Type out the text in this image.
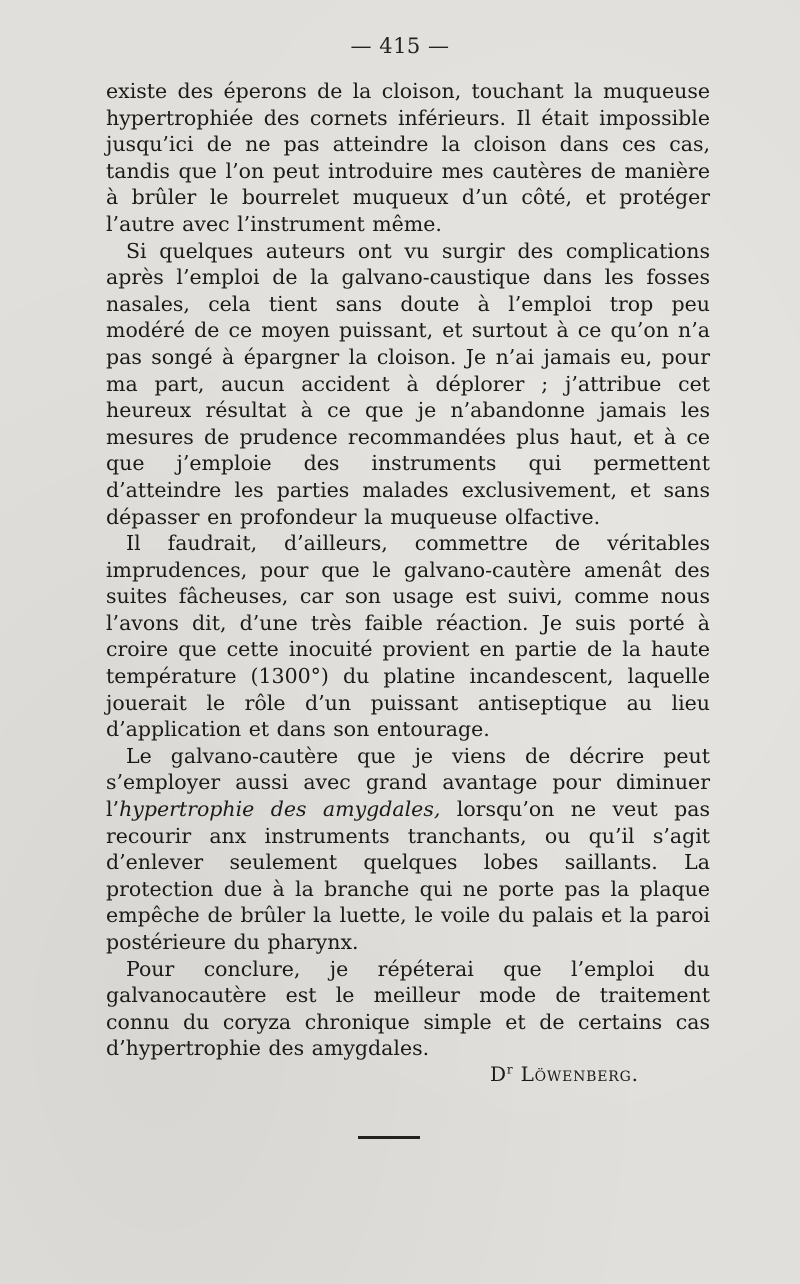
— 415 —

existe des éperons de la cloison, touchant la muqueuse hypertrophiée des cornets inférieurs. Il était impossible jusqu’ici de ne pas atteindre la cloison dans ces cas, tandis que l’on peut introduire mes cautères de manière à brûler le bourrelet muqueux d’un côté, et protéger l’autre avec l’instrument même.

Si quelques auteurs ont vu surgir des complications après l’emploi de la galvano-caustique dans les fosses nasales, cela tient sans doute à l’emploi trop peu modéré de ce moyen puissant, et surtout à ce qu’on n’a pas songé à épargner la cloison. Je n’ai jamais eu, pour ma part, aucun accident à déplorer ; j’attribue cet heureux résultat à ce que je n’abandonne jamais les mesures de prudence recommandées plus haut, et à ce que j’emploie des instruments qui permettent d’atteindre les parties malades exclusivement, et sans dépasser en profondeur la muqueuse olfactive.

Il faudrait, d’ailleurs, commettre de véritables imprudences, pour que le galvano-cautère amenât des suites fâcheuses, car son usage est suivi, comme nous l’avons dit, d’une très faible réaction. Je suis porté à croire que cette inocuité provient en partie de la haute température (1300°) du platine incandescent, laquelle jouerait le rôle d’un puissant antiseptique au lieu d’application et dans son entourage.

Le galvano-cautère que je viens de décrire peut s’employer aussi avec grand avantage pour diminuer l’hypertrophie des amygdales, lorsqu’on ne veut pas recourir anx instruments tranchants, ou qu’il s’agit d’enlever seulement quelques lobes saillants. La protection due à la branche qui ne porte pas la plaque empêche de brûler la luette, le voile du palais et la paroi postérieure du pharynx.

Pour conclure, je répéterai que l’emploi du galvanocautère est le meilleur mode de traitement connu du coryza chronique simple et de certains cas d’hypertrophie des amygdales.

$D^r$ Löwenberg.
